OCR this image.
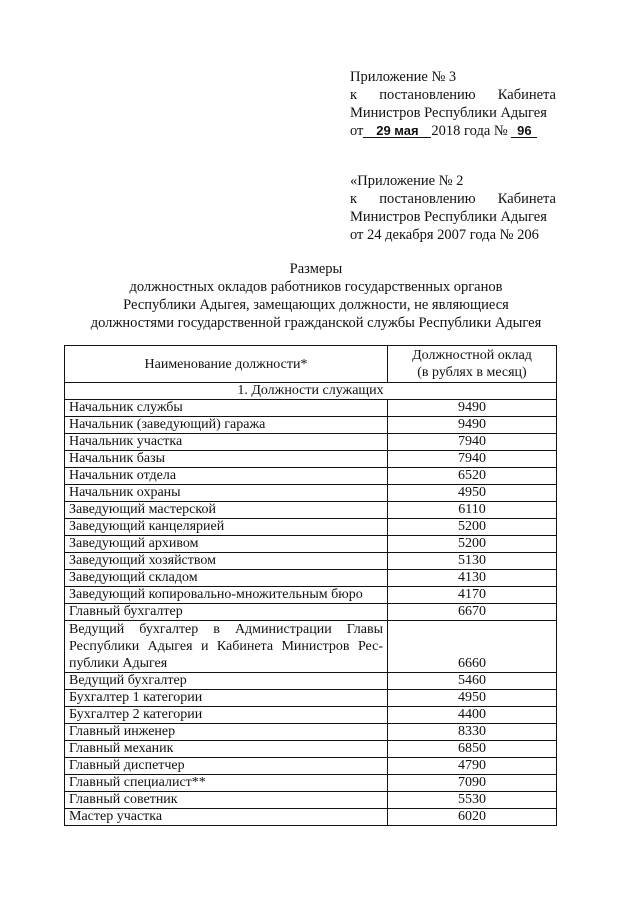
Приложение № 3
к постановлению Кабинета
Министров Республики Адыгея
от 29 мая 2018 года № 96
«Приложение № 2
к постановлению Кабинета
Министров Республики Адыгея
от 24 декабря 2007 года № 206
Размеры
должностных окладов работников государственных органов
Республики Адыгея, замещающих должности, не являющиеся
должностями государственной гражданской службы Республики Адыгея
Наименование должности*	Должностной оклад
(в рублях в месяц)

1. Должности служащих	
Начальник службы	9490
Начальник (заведующий) гаража	9490
Начальник участка	7940
Начальник базы	7940
Начальник отдела	6520
Начальник охраны	4950
Заведующий мастерской	6110
Заведующий канцелярией	5200
Заведующий архивом	5200
Заведующий хозяйством	5130
Заведующий складом	4130
Заведующий копировально-множительным бюро	4170
Главный бухгалтер	6670
Ведущий бухгалтер в Администрации Главы Республики Адыгея и Кабинета Министров Рес-публики Адыгея	6660
Ведущий бухгалтер	5460
Бухгалтер 1 категории	4950
Бухгалтер 2 категории	4400
Главный инженер	8330
Главный механик	6850
Главный диспетчер	4790
Главный специалист**	7090
Главный советник	5530
Мастер участка	6020
